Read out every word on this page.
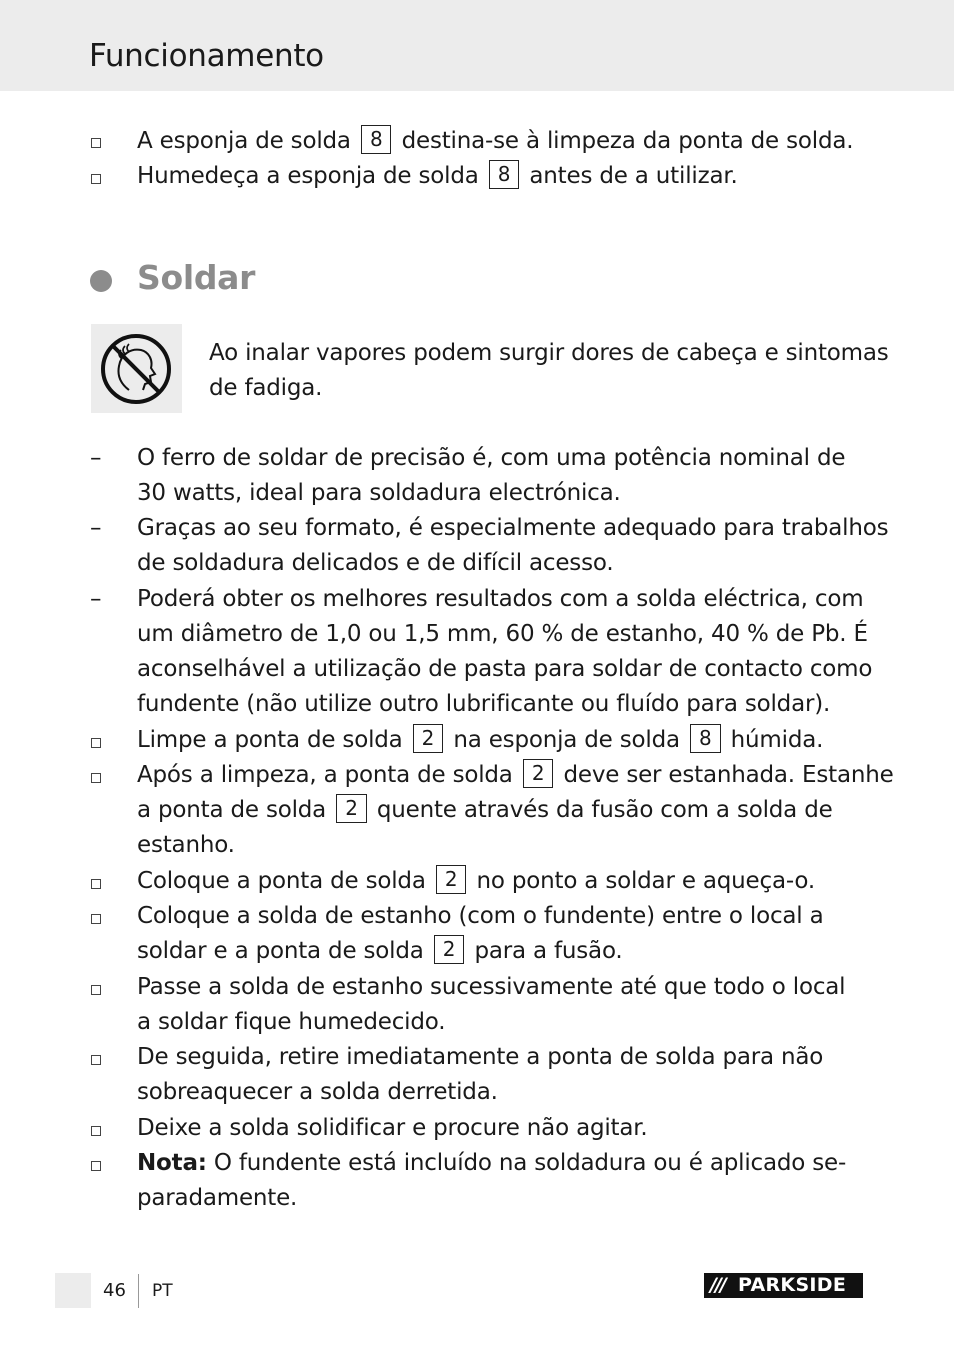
Funcionamento
A esponja de solda 8 destina-se à limpeza da ponta de solda.
Humedeça a esponja de solda 8 antes de a utilizar.
Soldar
Ao inalar vapores podem surgir dores de cabeça e sintomas
de fadiga.
– O ferro de soldar de precisão é, com uma potência nominal de
30 watts, ideal para soldadura electrónica.
– Graças ao seu formato, é especialmente adequado para trabalhos
de soldadura delicados e de difícil acesso.
– Poderá obter os melhores resultados com a solda eléctrica, com
um diâmetro de 1,0 ou 1,5 mm, 60 % de estanho, 40 % de Pb. É
aconselhável a utilização de pasta para soldar de contacto como
fundente (não utilize outro lubrificante ou fluído para soldar).
Limpe a ponta de solda 2 na esponja de solda 8 húmida.
Após a limpeza, a ponta de solda 2 deve ser estanhada. Estanhe
a ponta de solda 2 quente através da fusão com a solda de
estanho.
Coloque a ponta de solda 2 no ponto a soldar e aqueça-o.
Coloque a solda de estanho (com o fundente) entre o local a
soldar e a ponta de solda 2 para a fusão.
Passe a solda de estanho sucessivamente até que todo o local
a soldar fique humedecido.
De seguida, retire imediatamente a ponta de solda para não
sobreaquecer a solda derretida.
Deixe a solda solidificar e procure não agitar.
Nota: O fundente está incluído na soldadura ou é aplicado se-
paradamente.
46 PT	/// PARKSIDE
